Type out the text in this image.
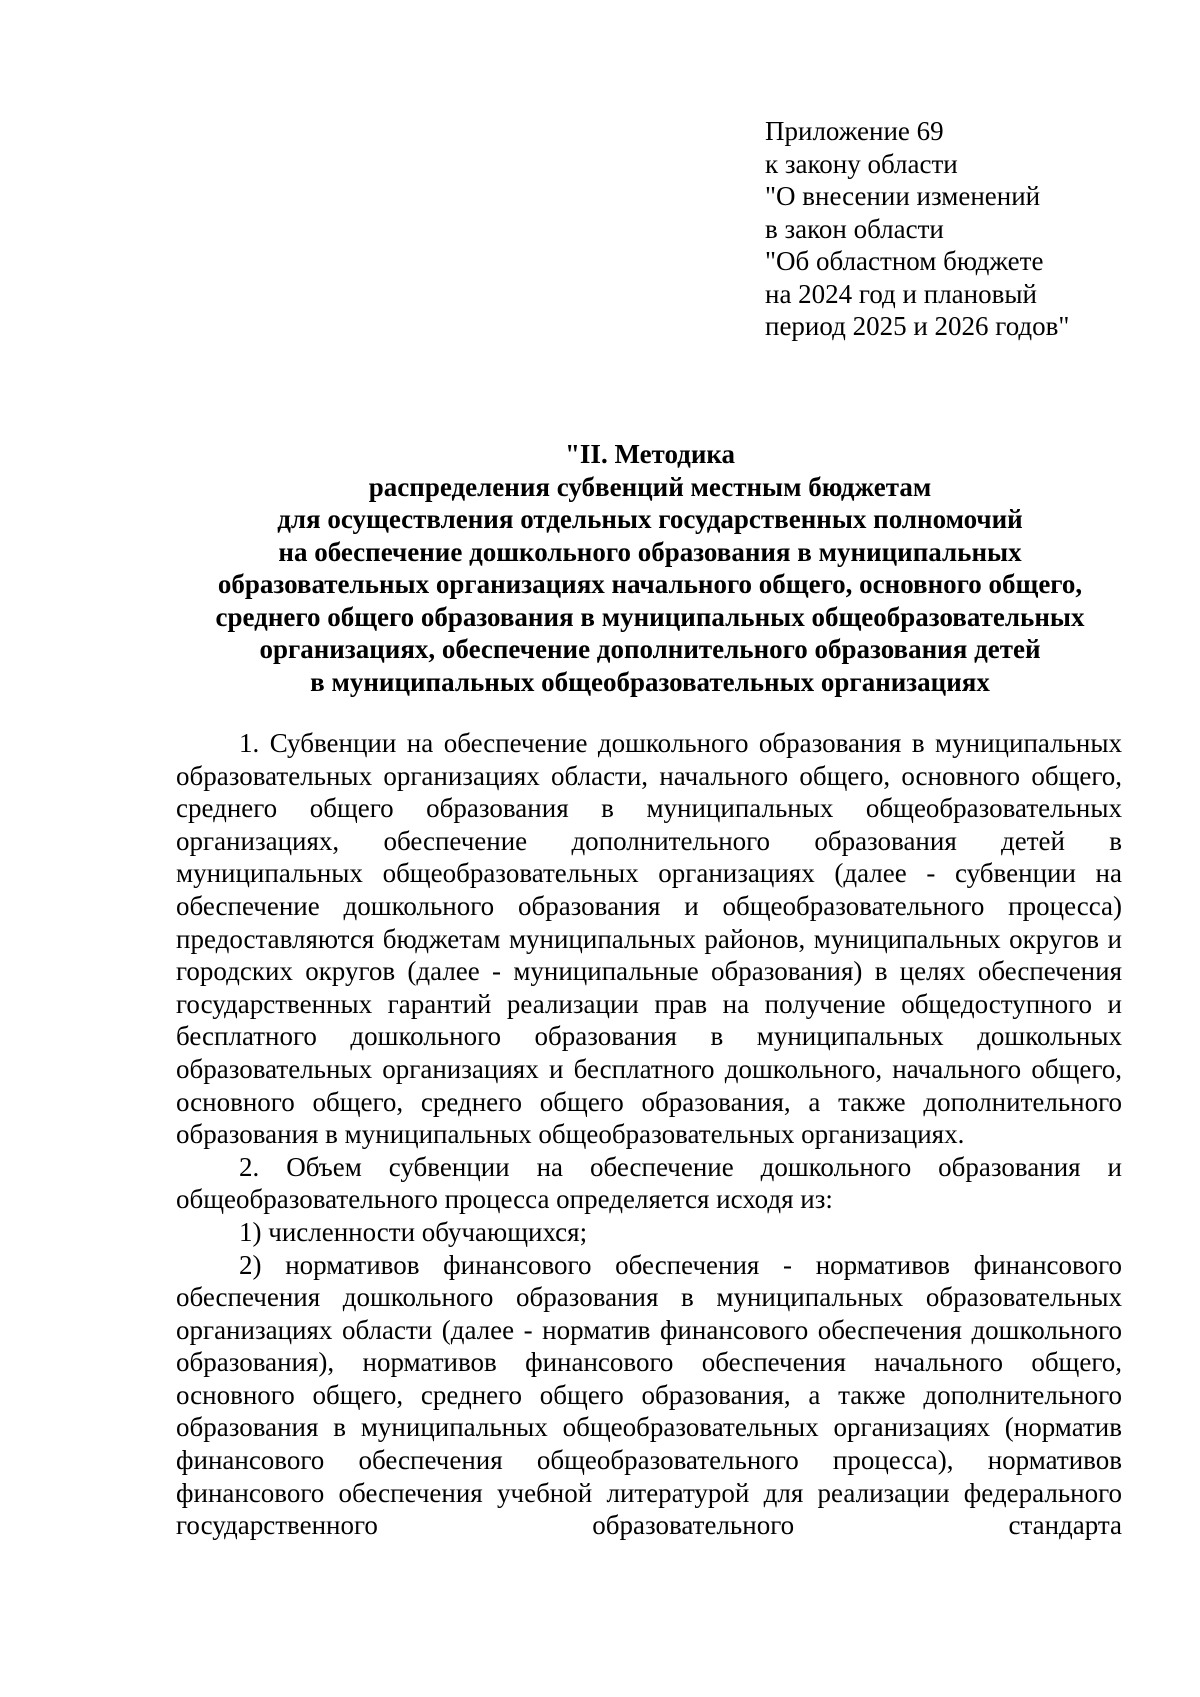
Приложение 69
к закону области
"О внесении изменений
в закон области
"Об областном бюджете
на 2024 год и плановый
период 2025 и 2026 годов"
"II. Методика
распределения субвенций местным бюджетам
для осуществления отдельных государственных полномочий
на обеспечение дошкольного образования в муниципальных
образовательных организациях начального общего, основного общего,
среднего общего образования в муниципальных общеобразовательных
организациях, обеспечение дополнительного образования детей
в муниципальных общеобразовательных организациях

1. Субвенции на обеспечение дошкольного образования в муниципальных образовательных организациях области, начального общего, основного общего, среднего общего образования в муниципальных общеобразовательных организациях, обеспечение дополнительного образования детей в муниципальных общеобразовательных организациях (далее - субвенции на обеспечение дошкольного образования и общеобразовательного процесса) предоставляются бюджетам муниципальных районов, муниципальных округов и городских округов (далее - муниципальные образования) в целях обеспечения государственных гарантий реализации прав на получение общедоступного и бесплатного дошкольного образования в муниципальных дошкольных образовательных организациях и бесплатного дошкольного, начального общего, основного общего, среднего общего образования, а также дополнительного образования в муниципальных общеобразовательных организациях.

2. Объем субвенции на обеспечение дошкольного образования и общеобразовательного процесса определяется исходя из:

1) численности обучающихся;

2) нормативов финансового обеспечения - нормативов финансового обеспечения дошкольного образования в муниципальных образовательных организациях области (далее - норматив финансового обеспечения дошкольного образования), нормативов финансового обеспечения начального общего, основного общего, среднего общего образования, а также дополнительного образования в муниципальных общеобразовательных организациях (норматив финансового обеспечения общеобразовательного процесса), нормативов финансового обеспечения учебной литературой для реализации федерального государственного образовательного стандарта
